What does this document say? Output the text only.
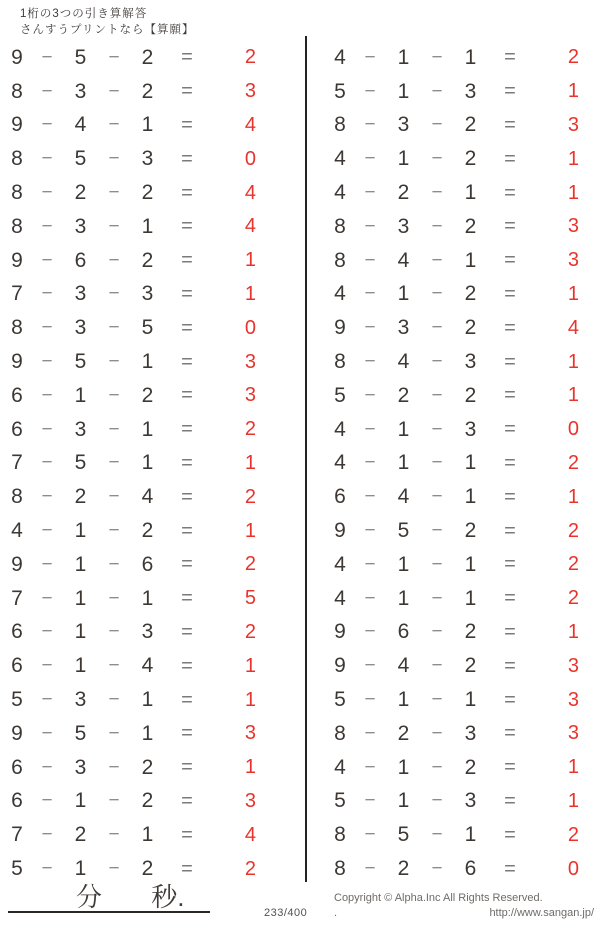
1桁の3つの引き算解答
さんすうプリントなら【算願】
9 −	5	−	2	=	2
8 −	3	−	2	=	3
9 −	4	−	1	=	4
8 −	5	−	3	=	0
8 −	2	−	2	=	4
8 −	3	−	1	=	4
9 −	6	−	2	=	1
7 −	3	−	3	=	1
8 −	3	−	5	=	0
9 −	5	−	1	=	3
6 −	1	−	2	=	3
6 −	3	−	1	=	2
7 −	5	−	1	=	1
8 −	2	−	4	=	2
4 −	1	−	2	=	1
9 −	1	−	6	=	2
7 −	1	−	1	=	5
6 −	1	−	3	=	2
6 −	1	−	4	=	1
5 −	3	−	1	=	1
9 −	5	−	1	=	3
6 −	3	−	2	=	1
6 −	1	−	2	=	3
7 −	2	−	1	=	4
5 −	1	−	2	=	2
4 −	1	−	1	=	2
5 −	1	−	3	=	1
8 −	3	−	2	=	3
4 −	1	−	2	=	1
4 −	2	−	1	=	1
8 −	3	−	2	=	3
8 −	4	−	1	=	3
4 −	1	−	2	=	1
9 −	3	−	2	=	4
8 −	4	−	3	=	1
5 −	2	−	2	=	1
4 −	1	−	3	=	0
4 −	1	−	1	=	2
6 −	4	−	1	=	1
9 −	5	−	2	=	2
4 −	1	−	1	=	2
4 −	1	−	1	=	2
9 −	6	−	2	=	1
9 −	4	−	2	=	3
5 −	1	−	1	=	3
8 −	2	−	3	=	3
4 −	1	−	2	=	1
5 −	1	−	3	=	1
8 −	5	−	1	=	2
8 −	2	−	6	=	0
分 秒.
233/400
Copyright © Alpha.Inc All Rights Reserved.
.	http://www.sangan.jp/
